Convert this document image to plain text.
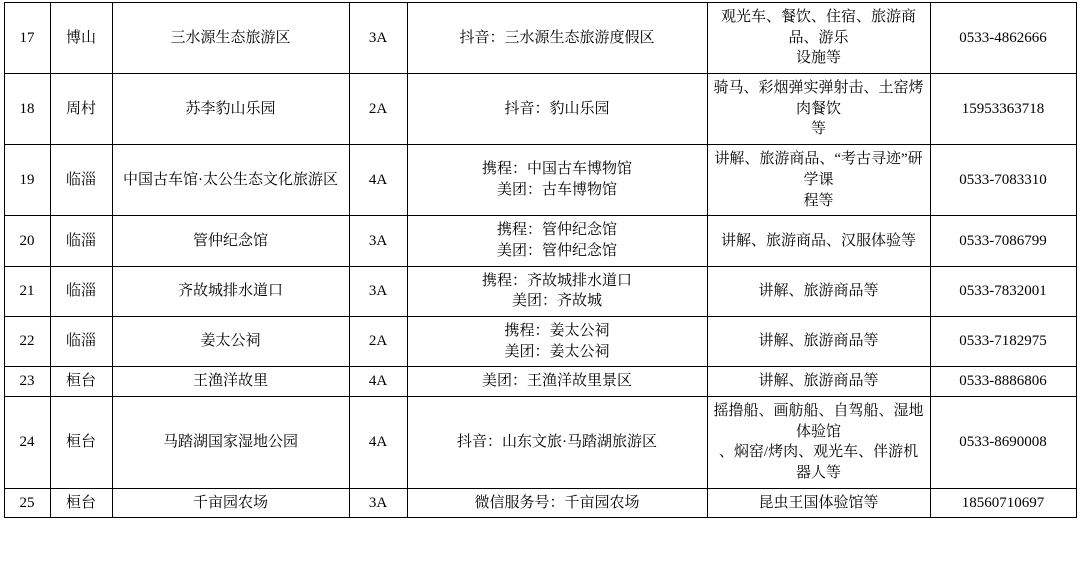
17	博山	三水源生态旅游区	3A	抖音：三水源生态旅游度假区	观光车、餐饮、住宿、旅游商品、游乐
设施等	0533-4862666
18	周村	苏李豹山乐园	2A	抖音：豹山乐园	骑马、彩烟弹实弹射击、土窑烤肉餐饮
等	15953363718
19	临淄	中国古车馆·太公生态文化旅游区	4A	携程：中国古车博物馆
美团：古车博物馆	讲解、旅游商品、“考古寻迹”研学课
程等	0533-7083310
20	临淄	管仲纪念馆	3A	携程：管仲纪念馆
美团：管仲纪念馆	讲解、旅游商品、汉服体验等	0533-7086799
21	临淄	齐故城排水道口	3A	携程：齐故城排水道口
美团：齐故城	讲解、旅游商品等	0533-7832001
22	临淄	姜太公祠	2A	携程：姜太公祠
美团：姜太公祠	讲解、旅游商品等	0533-7182975
23	桓台	王渔洋故里	4A	美团：王渔洋故里景区	讲解、旅游商品等	0533-8886806
24	桓台	马踏湖国家湿地公园	4A	抖音：山东文旅·马踏湖旅游区	摇撸船、画舫船、自驾船、湿地体验馆
、焖窑/烤肉、观光车、伴游机器人等	0533-8690008
25	桓台	千亩园农场	3A	微信服务号：千亩园农场	昆虫王国体验馆等	18560710697
